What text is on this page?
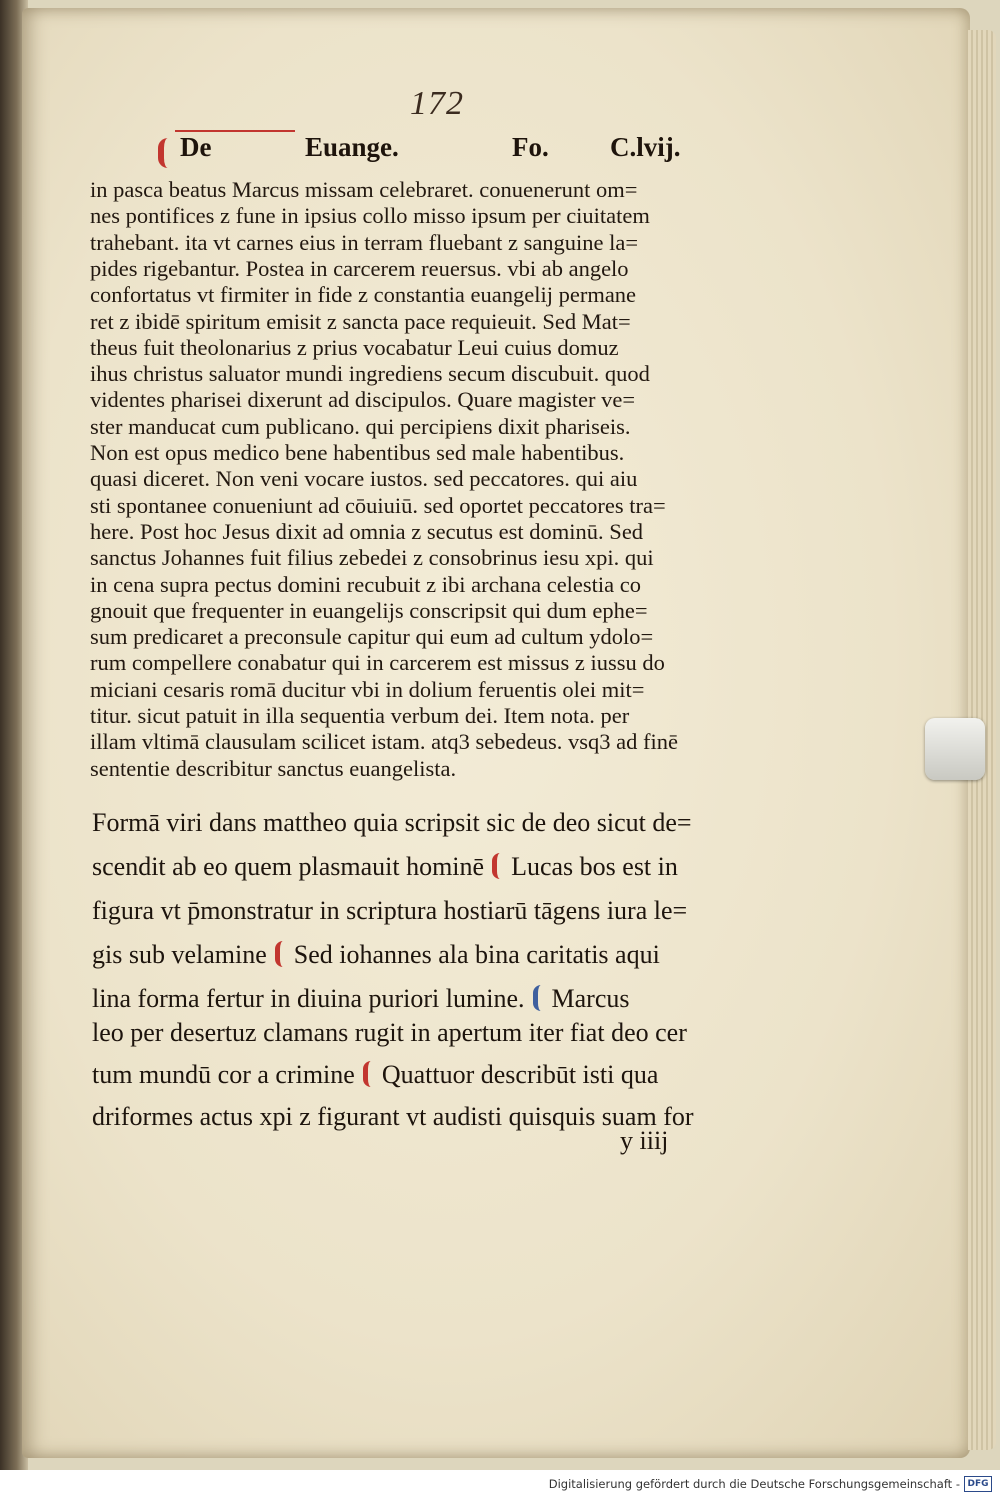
172
De	Euange.	Fo. C.lvij.
in pasca beatus Marcus missam celebraret. conuenerunt om=
nes pontifices z fune in ipsius collo misso ipsum per ciuitatem
trahebant. ita vt carnes eius in terram fluebant z sanguine la=
pides rigebantur. Postea in carcerem reuersus. vbi ab angelo
confortatus vt firmiter in fide z constantia euangelij permane
ret z ibidē spiritum emisit z sancta pace requieuit. Sed Mat=
theus fuit theolonarius z prius vocabatur Leui cuius domuz
ihus christus saluator mundi ingrediens secum discubuit. quod
videntes pharisei dixerunt ad discipulos. Quare magister ve=
ster manducat cum publicano. qui percipiens dixit phariseis.
Non est opus medico bene habentibus sed male habentibus.
quasi diceret. Non veni vocare iustos. sed peccatores. qui aiu
sti spontanee conueniunt ad cōuiuiū. sed oportet peccatores tra=
here. Post hoc Jesus dixit ad omnia z secutus est dominū. Sed
sanctus Johannes fuit filius zebedei z consobrinus iesu xpi. qui
in cena supra pectus domini recubuit z ibi archana celestia co
gnouit que frequenter in euangelijs conscripsit qui dum ephe=
sum predicaret a preconsule capitur qui eum ad cultum ydolo=
rum compellere conabatur qui in carcerem est missus z iussu do
miciani cesaris romā ducitur vbi in dolium feruentis olei mit=
titur. sicut patuit in illa sequentia verbum dei. Item nota. per
illam vltimā clausulam scilicet istam. atq3 sebedeus. vsq3 ad finē
sententie describitur sanctus euangelista.
Formā viri dans mattheo quia scripsit sic de deo sicut de=
scendit ab eo quem plasmauit hominē Lucas bos est in
figura vt p̄monstratur in scriptura hostiarū tāgens iura le=
gis sub velamine Sed iohannes ala bina caritatis aqui
lina forma fertur in diuina puriori lumine. Marcus
leo per desertuz clamans rugit in apertum iter fiat deo cer
tum mundū cor a crimine Quattuor describūt isti qua
driformes actus xpi z figurant vt audisti quisquis suam for
y iiij
Digitalisierung gefördert durch die Deutsche Forschungsgemeinschaft - DFG
